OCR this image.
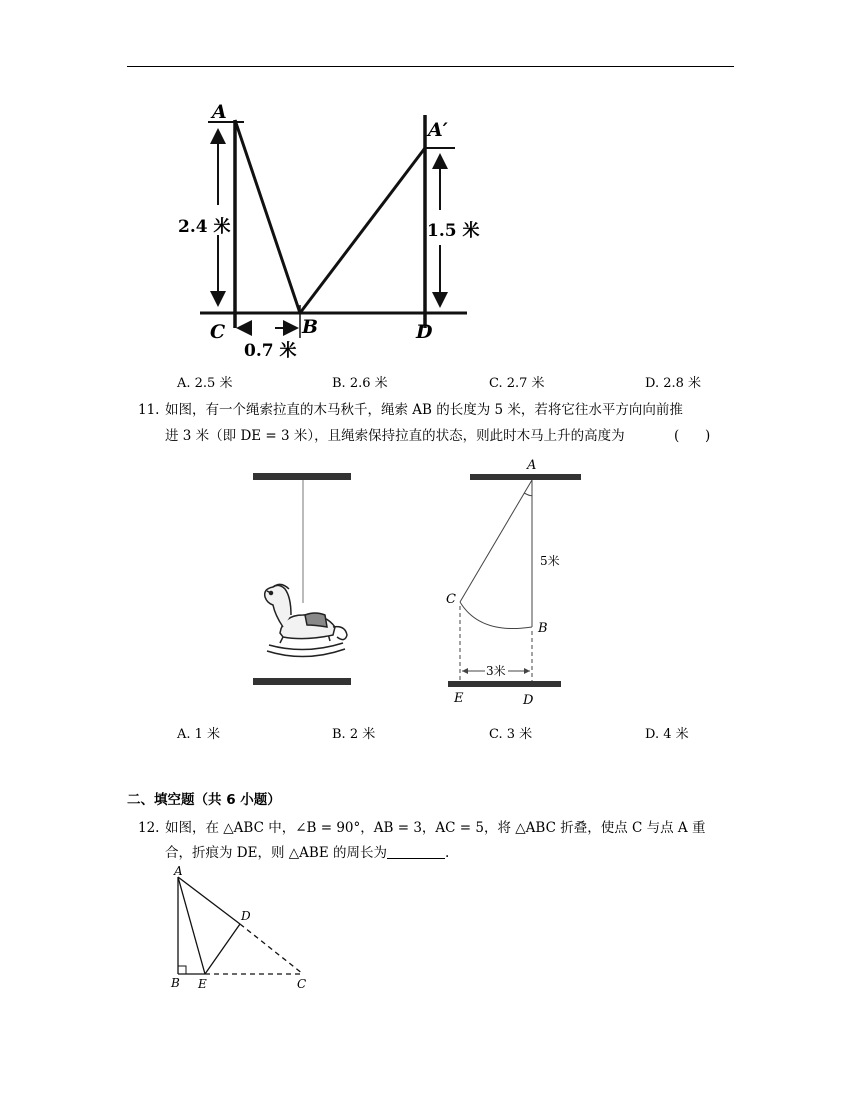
A
A′
C	B	D
2.4 米	1.5 米
0.7 米
A. 2.5 米	B. 2.6 米	C. 2.7 米	D. 2.8 米
11. 如图，有一个绳索拉直的木马秋千，绳索 AB 的长度为 5 米，若将它往水平方向向前推
进 3 米（即 DE = 3 米），且绳索保持拉直的状态，则此时木马上升的高度为	(      )
A
B
C
D
E
5米
3米
A. 1 米	B. 2 米	C. 3 米	D. 4 米
二、填空题（共 6 小题）
12. 如图，在 △ABC 中，∠B = 90°，AB = 3，AC = 5，将 △ABC 折叠，使点 C 与点 A 重
合，折痕为 DE，则 △ABE 的周长为	.
A
B E	C
D
